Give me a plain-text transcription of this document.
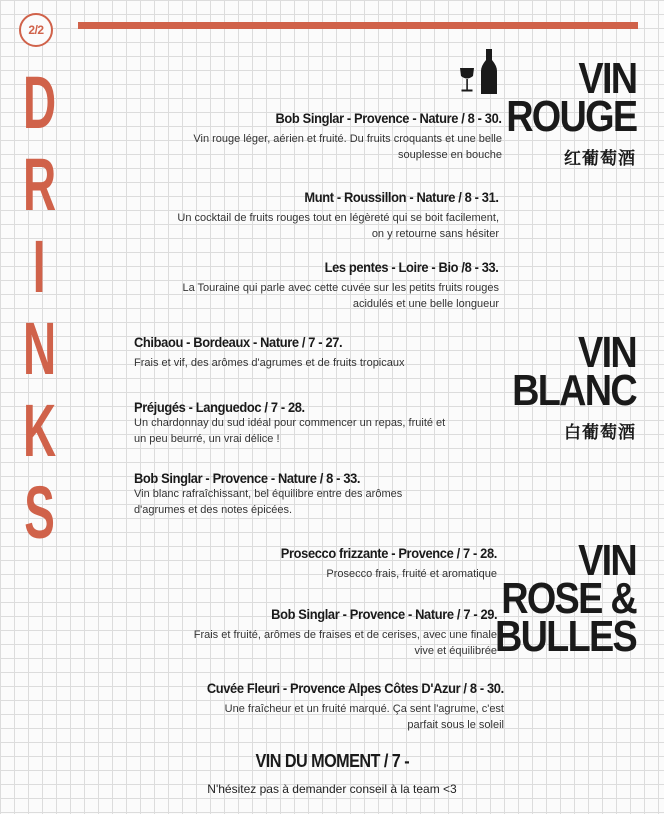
2/2
D
R
I
N
K
S
VIN
ROUGE
红葡萄酒
VIN
BLANC
白葡萄酒
VIN
ROSE &
BULLES
Bob Singlar - Provence - Nature / 8 - 30.
Vin rouge léger, aérien et fruité. Du fruits croquants et une belle
souplesse en bouche
Munt - Roussillon - Nature / 8 - 31.
Un cocktail de fruits rouges tout en légèreté qui se boit facilement,
on y retourne sans hésiter
Les pentes - Loire - Bio /8 - 33.
La Touraine qui parle avec cette cuvée sur les petits fruits rouges
acidulés et une belle longueur
Chibaou - Bordeaux - Nature / 7 - 27.
Frais et vif, des arômes d'agrumes et de fruits tropicaux
Préjugés - Languedoc / 7 - 28.
Un chardonnay du sud idéal pour commencer un repas, fruité et
un peu beurré, un vrai délice !
Bob Singlar - Provence - Nature / 8 - 33.
Vin blanc rafraîchissant, bel équilibre entre des arômes
d'agrumes et des notes épicées.
Prosecco frizzante - Provence / 7 - 28.
Prosecco frais, fruité et aromatique
Bob Singlar - Provence - Nature / 7 - 29.
Frais et fruité, arômes de fraises et de cerises, avec une finale
vive et équilibrée
Cuvée Fleuri - Provence Alpes Côtes D'Azur / 8 - 30.
Une fraîcheur et un fruité marqué. Ça sent l'agrume, c'est
parfait sous le soleil
VIN DU MOMENT / 7 -
N'hésitez pas à demander conseil à la team <3
